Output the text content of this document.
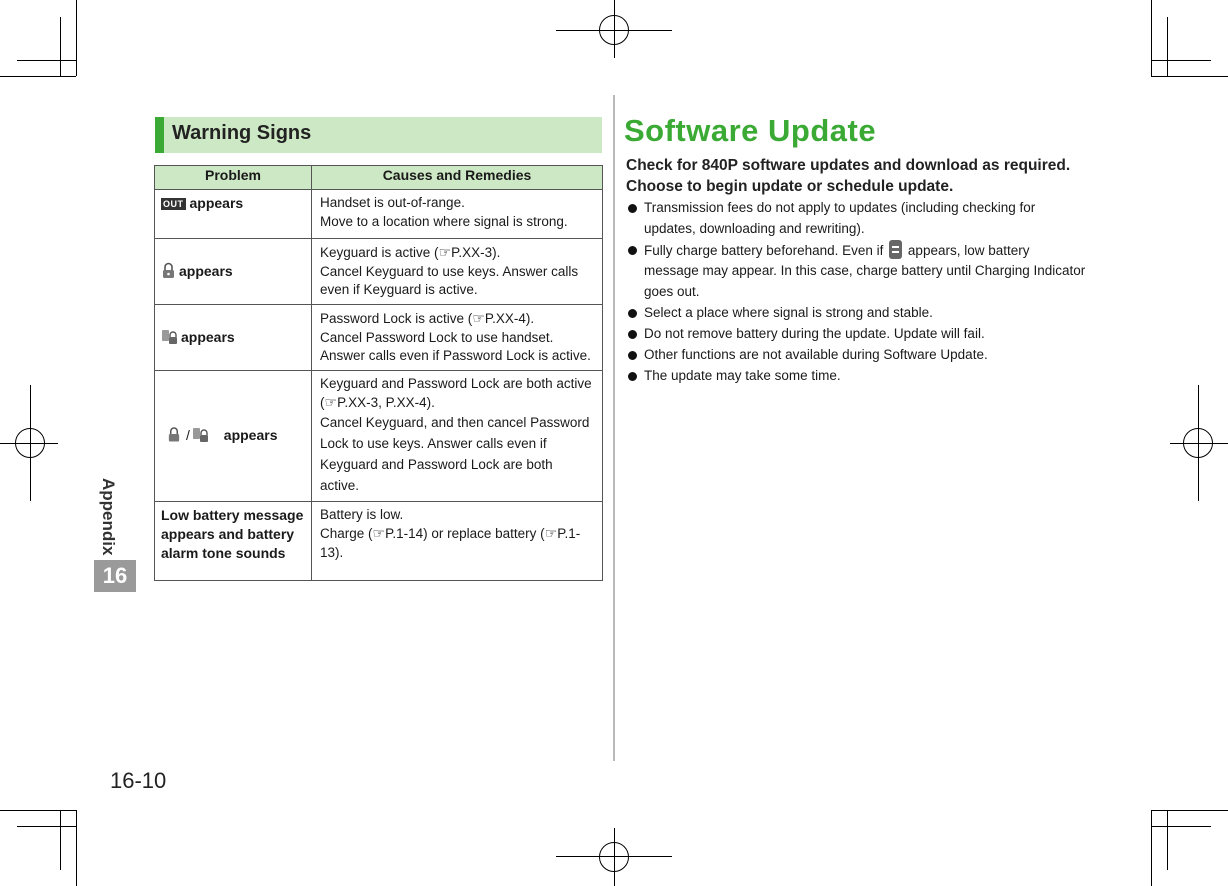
Appendix
16
16-10
Warning Signs
Problem	Causes and Remedies
OUT appears	Handset is out-of-range.
Move to a location where signal is strong.

appears	Keyguard is active (☞P.XX-3).
Cancel Keyguard to use keys. Answer calls even if Keyguard is active.

appears	Password Lock is active (☞P.XX-4).
Cancel Password Lock to use handset. Answer calls even if Password Lock is active.

/ appears	Keyguard and Password Lock are both active
(☞P.XX-3, P.XX-4).
Cancel Keyguard, and then cancel Password Lock to use keys. Answer calls even if Keyguard and Password Lock are both active.

Low battery message appears and battery alarm tone sounds	Battery is low.
Charge (☞P.1-14) or replace battery (☞P.1-13).
Software Update
Check for 840P software updates and download as required.
Choose to begin update or schedule update.
Transmission fees do not apply to updates (including checking for updates, downloading and rewriting).
Fully charge battery beforehand. Even if appears, low battery message may appear. In this case, charge battery until Charging Indicator goes out.
Select a place where signal is strong and stable.
Do not remove battery during the update. Update will fail.
Other functions are not available during Software Update.
The update may take some time.
